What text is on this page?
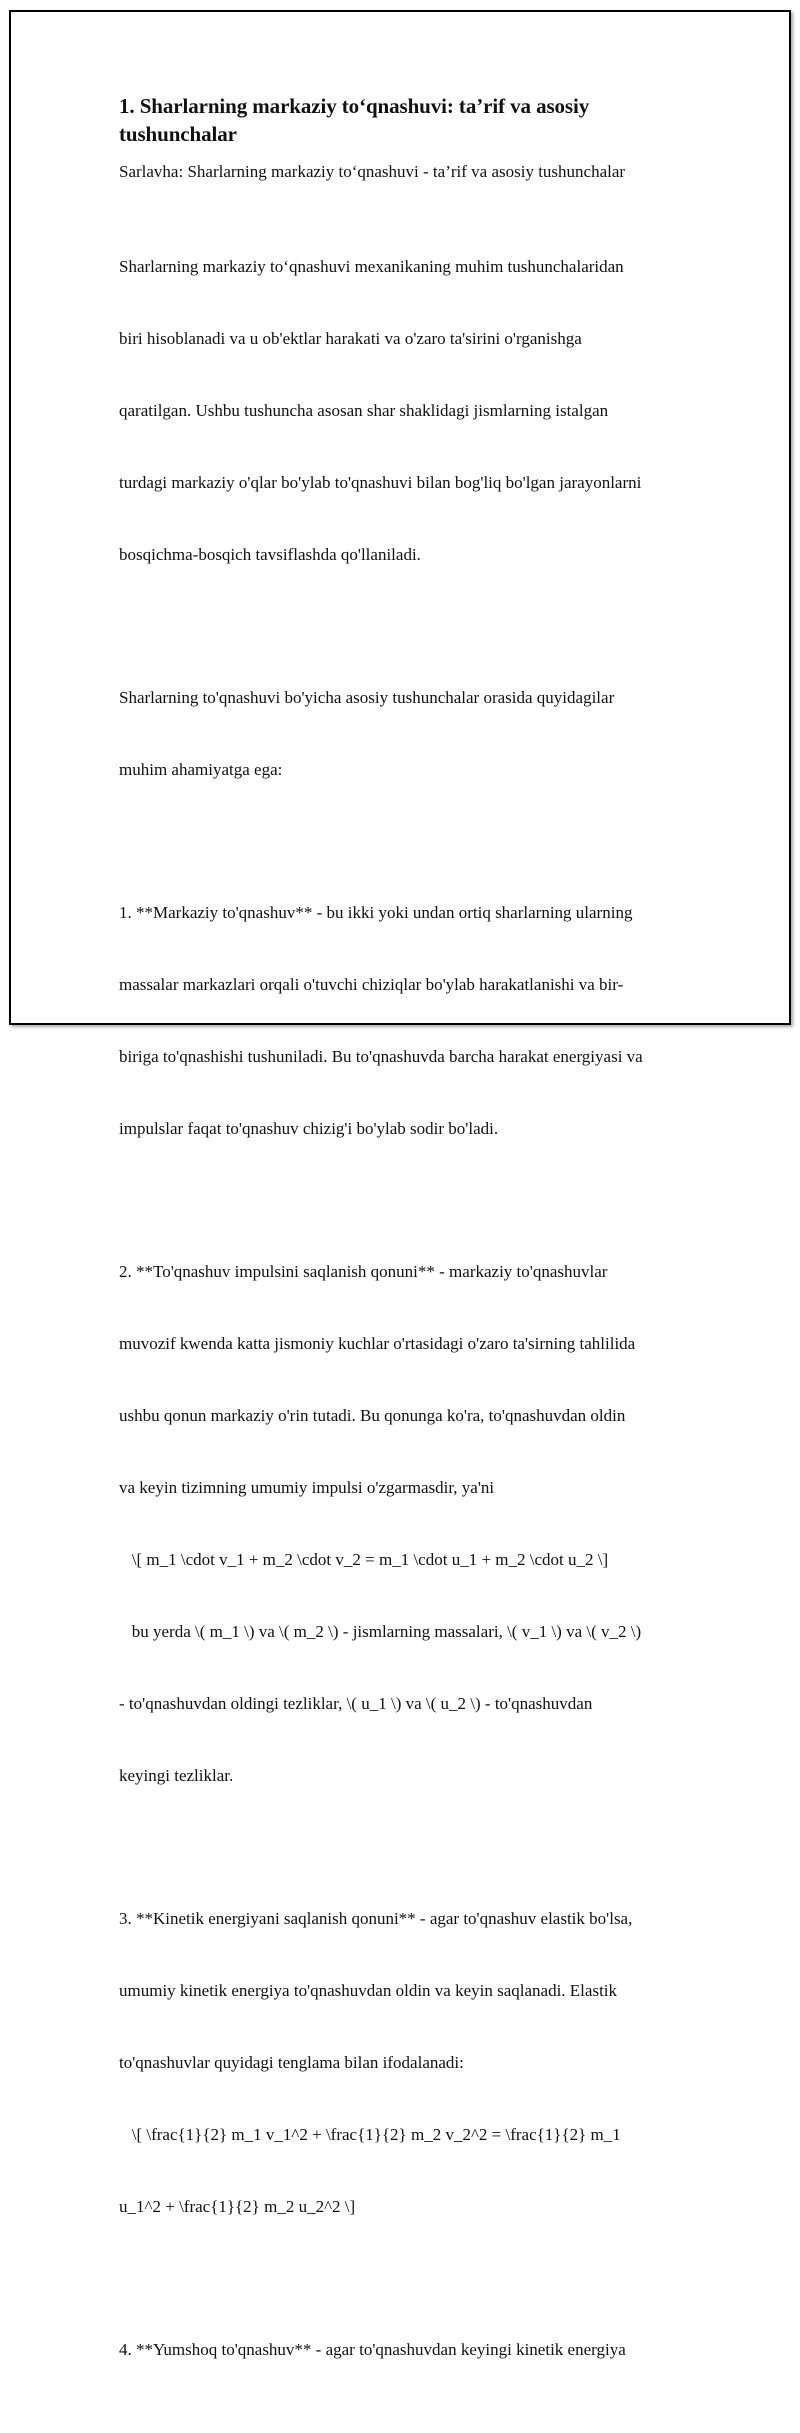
1. Sharlarning markaziy to‘qnashuvi: ta’rif va asosiy tushunchalar
Sarlavha: Sharlarning markaziy to‘qnashuvi - ta’rif va asosiy tushunchalar

Sharlarning markaziy to‘qnashuvi mexanikaning muhim tushunchalaridan

biri hisoblanadi va u ob'ektlar harakati va o'zaro ta'sirini o'rganishga

qaratilgan. Ushbu tushuncha asosan shar shaklidagi jismlarning istalgan

turdagi markaziy o'qlar bo'ylab to'qnashuvi bilan bog'liq bo'lgan jarayonlarni

bosqichma-bosqich tavsiflashda qo'llaniladi.

Sharlarning to'qnashuvi bo'yicha asosiy tushunchalar orasida quyidagilar

muhim ahamiyatga ega:

1. **Markaziy to'qnashuv** - bu ikki yoki undan ortiq sharlarning ularning

massalar markazlari orqali o'tuvchi chiziqlar bo'ylab harakatlanishi va bir-

biriga to'qnashishi tushuniladi. Bu to'qnashuvda barcha harakat energiyasi va

impulslar faqat to'qnashuv chizig'i bo'ylab sodir bo'ladi.

2. **To'qnashuv impulsini saqlanish qonuni** - markaziy to'qnashuvlar

muvozif kwenda katta jismoniy kuchlar o'rtasidagi o'zaro ta'sirning tahlilida

ushbu qonun markaziy o'rin tutadi. Bu qonunga ko'ra, to'qnashuvdan oldin

va keyin tizimning umumiy impulsi o'zgarmasdir, ya'ni

\[ m_1 \cdot v_1 + m_2 \cdot v_2 = m_1 \cdot u_1 + m_2 \cdot u_2 \]

bu yerda \( m_1 \) va \( m_2 \) - jismlarning massalari, \( v_1 \) va \( v_2 \)

- to'qnashuvdan oldingi tezliklar, \( u_1 \) va \( u_2 \) - to'qnashuvdan

keyingi tezliklar.

3. **Kinetik energiyani saqlanish qonuni** - agar to'qnashuv elastik bo'lsa,

umumiy kinetik energiya to'qnashuvdan oldin va keyin saqlanadi. Elastik

to'qnashuvlar quyidagi tenglama bilan ifodalanadi:

\[ \frac{1}{2} m_1 v_1^2 + \frac{1}{2} m_2 v_2^2 = \frac{1}{2} m_1

u_1^2 + \frac{1}{2} m_2 u_2^2 \]

4. **Yumshoq to'qnashuv** - agar to'qnashuvdan keyingi kinetik energiya
